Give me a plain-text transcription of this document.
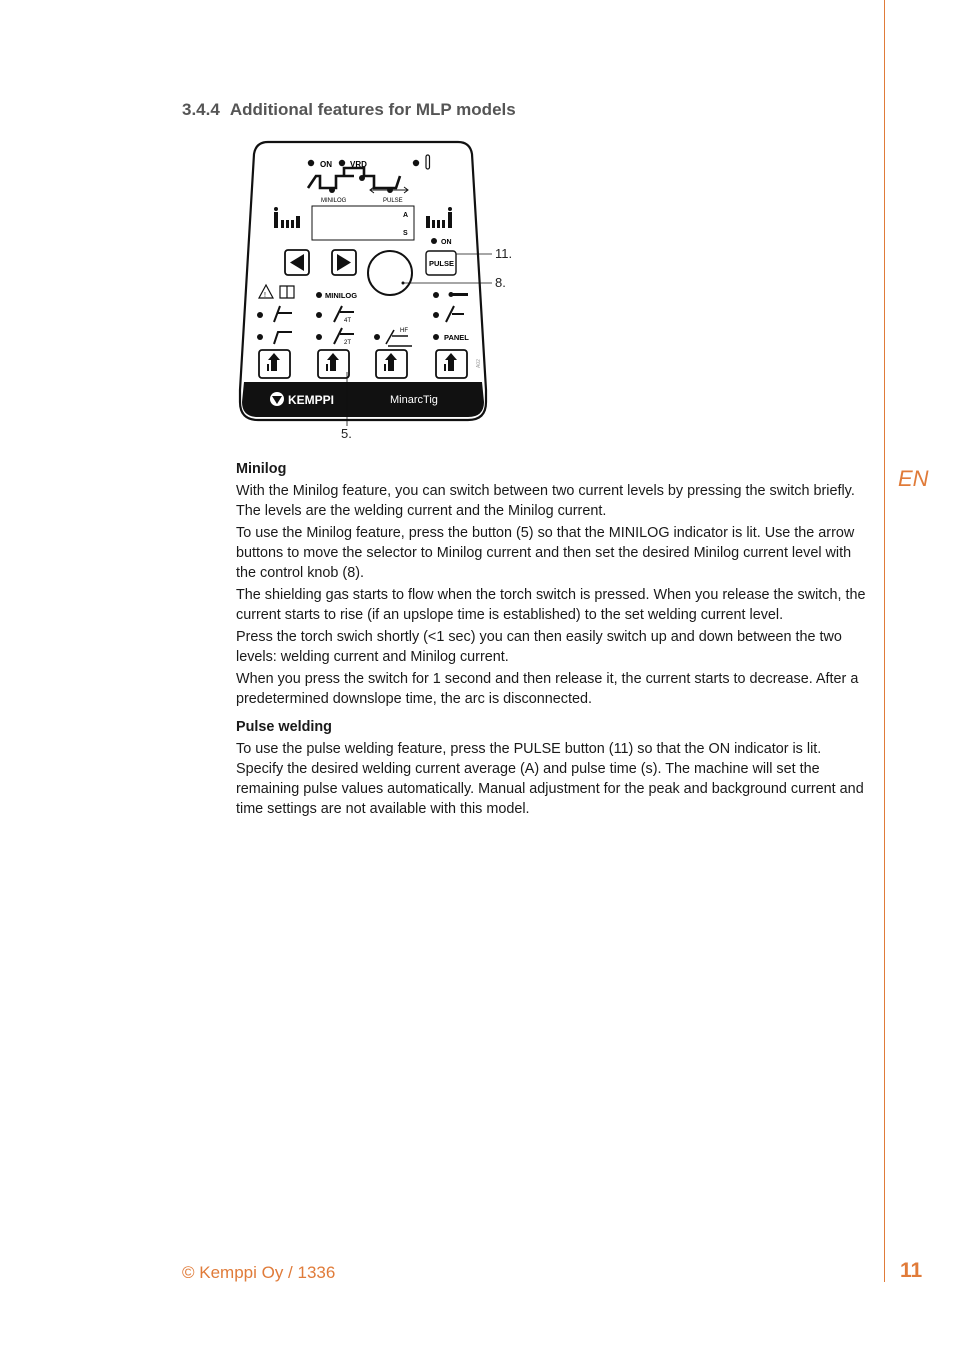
EN
3.4.4 Additional features for MLP models
ON VRD
MINILOG	PULSE
A
S
ON
PULSE
!	MINILOG
4T
2T
HF
PANEL
A02
KEMPPI	MinarcTig
11.
8.
5.
Minilog

With the Minilog feature, you can switch between two current levels by pressing the switch briefly. The levels are the welding current and the Minilog current.

To use the Minilog feature, press the button (5) so that the MINILOG indicator is lit. Use the arrow buttons to move the selector to Minilog current and then set the desired Minilog current level with the control knob (8).

The shielding gas starts to flow when the torch switch is pressed. When you release the switch, the current starts to rise (if an upslope time is established) to the set welding current level.

Press the torch swich shortly (<1 sec) you can then easily switch up and down between the two levels: welding current and Minilog current.

When you press the switch for 1 second and then release it, the current starts to decrease. After a predetermined downslope time, the arc is disconnected.

Pulse welding

To use the pulse welding feature, press the PULSE button (11) so that the ON indicator is lit. Specify the desired welding current average (A) and pulse time (s). The machine will set the remaining pulse values automatically. Manual adjustment for the peak and background current and time settings are not available with this model.

© Kemppi Oy / 1336	11
